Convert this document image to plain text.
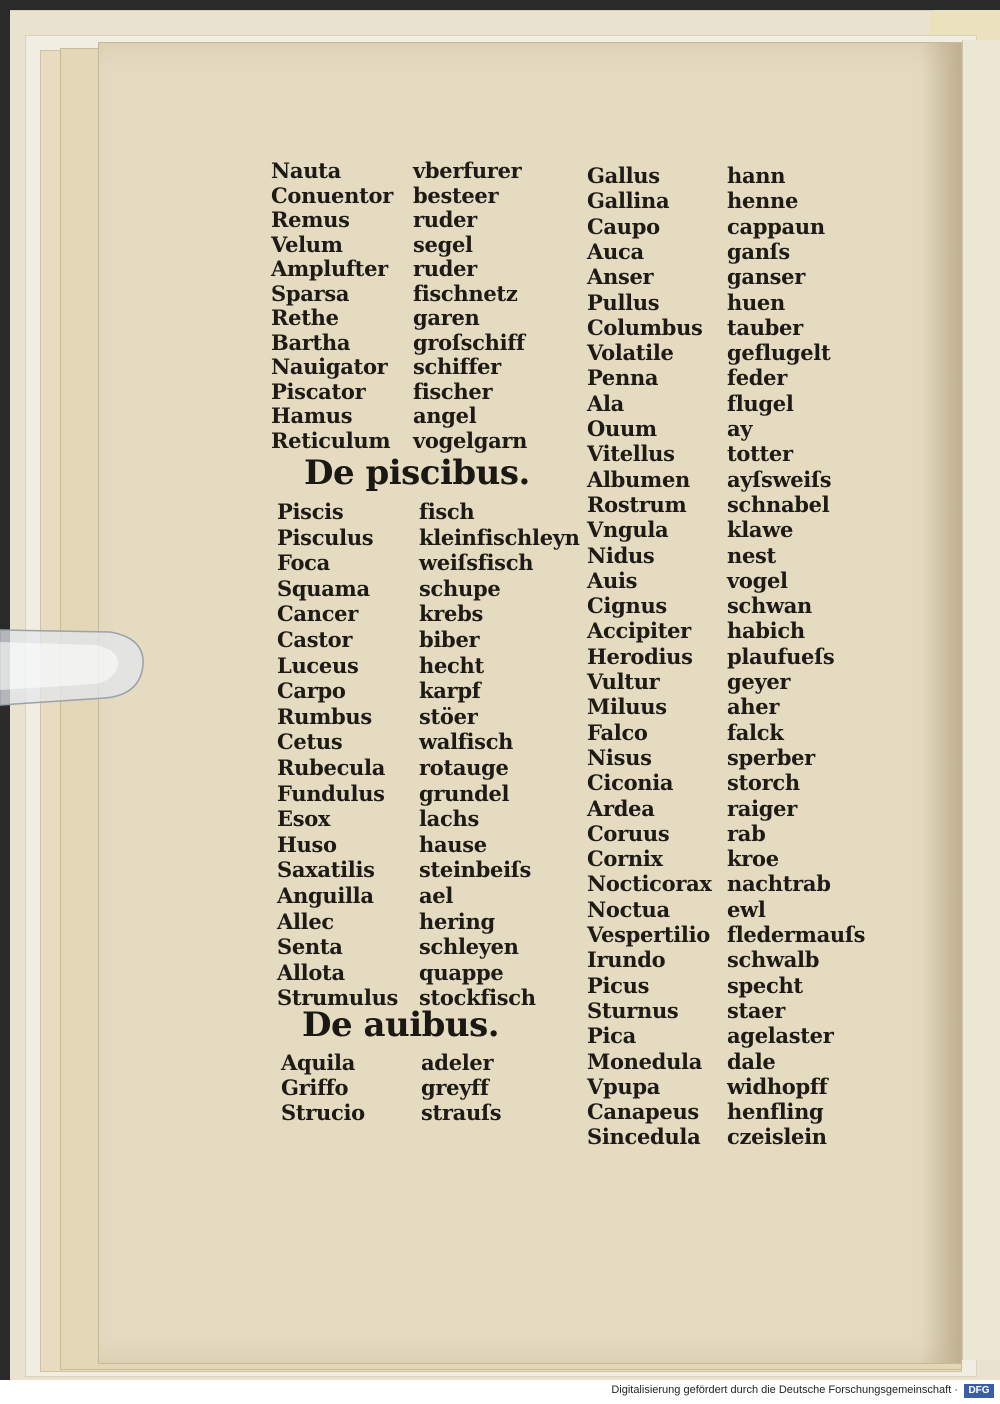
Nauta	vberfurer
Conuentor besteer
Remus	ruder
Velum	segel
Amplufter ruder
Sparsa	fischnetz
Rethe	garen
Bartha	groſschiff
Nauigator schiffer
Piscator fischer
Hamus	angel
Reticulum vogelgarn
De piscibus.
Piscis	fisch
Pisculus kleinfischleyn
Foca	weiſsfisch
Squama schupe
Cancer	krebs
Castor	biber
Luceus	hecht
Carpo	karpf
Rumbus stöer
Cetus	walfisch
Rubecula rotauge
Fundulus grundel
Esox	lachs
Huso	hause
Saxatilis steinbeiſs
Anguilla ael
Allec	hering
Senta	schleyen
Allota	quappe
Strumulus stockfisch
De auibus.
Aquila	adeler
Griffo	greyff
Strucio	strauſs
Gallus	hann
Gallina	henne
Caupo	cappaun
Auca	ganſs
Anser	ganser
Pullus	huen
Columbus tauber
Volatile	geflugelt
Penna	feder
Ala	flugel
Ouum	ay
Vitellus totter
Albumen ayſsweiſs
Rostrum schnabel
Vngula	klawe
Nidus	nest
Auis	vogel
Cignus	schwan
Accipiter habich
Herodius plaufueſs
Vultur	geyer
Miluus	aher
Falco	falck
Nisus	sperber
Ciconia	storch
Ardea	raiger
Coruus	rab
Cornix	kroe
Nocticorax nachtrab
Noctua	ewl
Vespertilio fledermauſs
Irundo	schwalb
Picus	specht
Sturnus staer
Pica	agelaster
Monedula dale
Vpupa	widhopff
Canapeus henfling
Sincedula czeislein
Digitalisierung gefördert durch die Deutsche Forschungsgemeinschaft ·	DFG
